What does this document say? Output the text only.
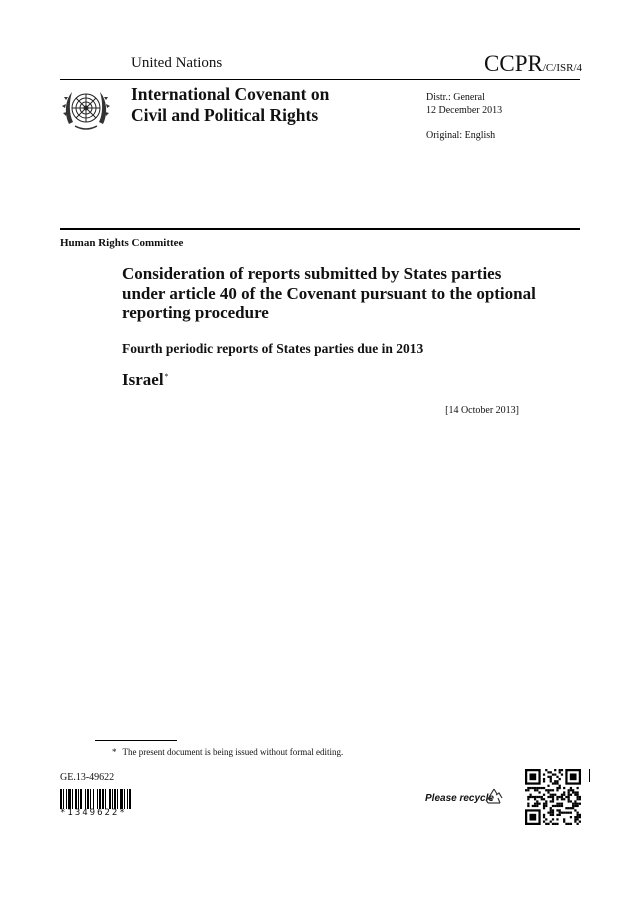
United Nations	CCPR/C/ISR/4
International Covenant on
Civil and Political Rights
Distr.: General
12 December 2013
Original: English
Human Rights Committee
Consideration of reports submitted by States parties under article 40 of the Covenant pursuant to the optional reporting procedure
Fourth periodic reports of States parties due in 2013
Israel*
[14 October 2013]
* The present document is being issued without formal editing.
GE.13-49622
*1349622*
Please recycle
